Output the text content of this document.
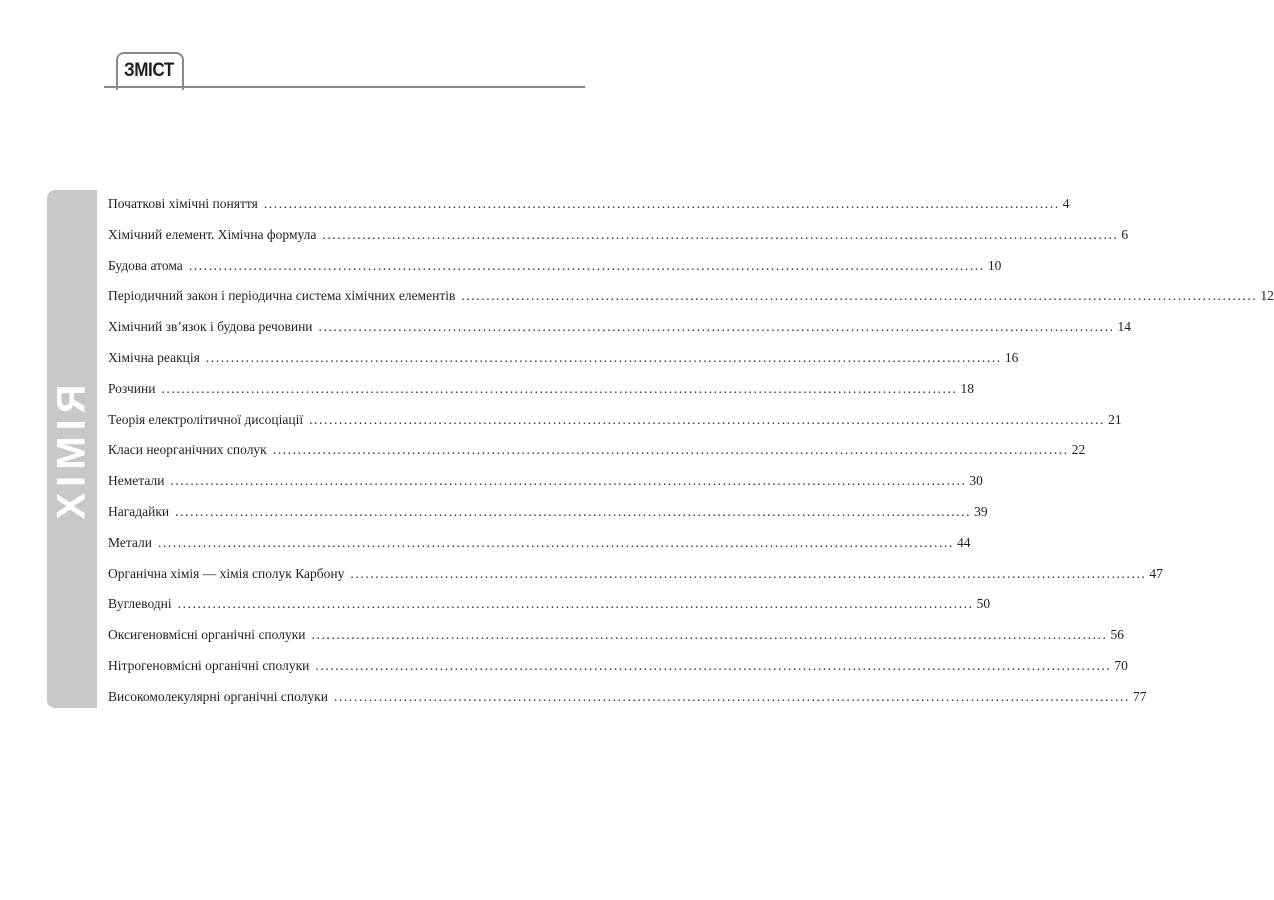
ЗМІСТ
ХІМІЯ
Початкові хімічні поняття ................................................................................................................................................................ 4
Хімічний елемент. Хімічна формула ................................................................................................................................................................ 6
Будова атома ................................................................................................................................................................ 10
Періодичний закон і періодична система хімічних елементів ................................................................................................................................................................ 12
Хімічний зв’язок і будова речовини ................................................................................................................................................................ 14
Хімічна реакція ................................................................................................................................................................ 16
Розчини ................................................................................................................................................................ 18
Теорія електролітичної дисоціації ................................................................................................................................................................ 21
Класи неорганічних сполук ................................................................................................................................................................ 22
Неметали ................................................................................................................................................................ 30
Нагадайки ................................................................................................................................................................ 39
Метали ................................................................................................................................................................ 44
Органічна хімія — хімія сполук Карбону ................................................................................................................................................................ 47
Вуглеводні ................................................................................................................................................................ 50
Оксигеновмісні органічні сполуки ................................................................................................................................................................ 56
Нітрогеновмісні органічні сполуки ................................................................................................................................................................ 70
Високомолекулярні органічні сполуки ................................................................................................................................................................ 77
